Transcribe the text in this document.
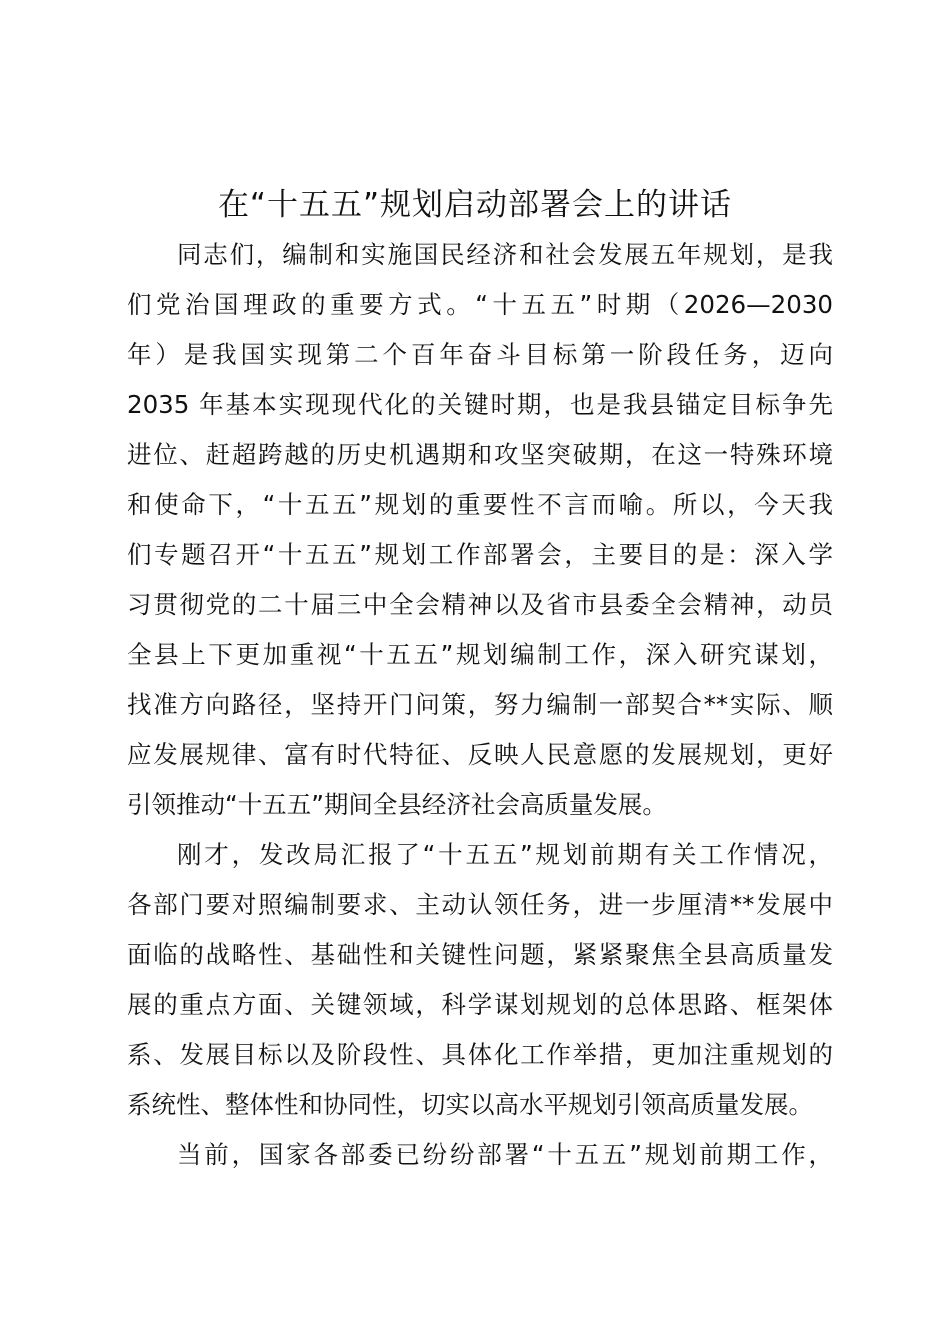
在“十五五”规划启动部署会上的讲话
同志们，编制和实施国民经济和社会发展五年规划，是我
们党治国理政的重要方式。“十五五”时期（2026—2030
年）是我国实现第二个百年奋斗目标第一阶段任务，迈向
2035 年基本实现现代化的关键时期，也是我县锚定目标争先
进位、赶超跨越的历史机遇期和攻坚突破期，在这一特殊环境
和使命下，“十五五”规划的重要性不言而喻。所以，今天我
们专题召开“十五五”规划工作部署会，主要目的是：深入学
习贯彻党的二十届三中全会精神以及省市县委全会精神，动员
全县上下更加重视“十五五”规划编制工作，深入研究谋划，
找准方向路径，坚持开门问策，努力编制一部契合**实际、顺
应发展规律、富有时代特征、反映人民意愿的发展规划，更好
引领推动“十五五”期间全县经济社会高质量发展。
刚才，发改局汇报了“十五五”规划前期有关工作情况，
各部门要对照编制要求、主动认领任务，进一步厘清**发展中
面临的战略性、基础性和关键性问题，紧紧聚焦全县高质量发
展的重点方面、关键领域，科学谋划规划的总体思路、框架体
系、发展目标以及阶段性、具体化工作举措，更加注重规划的
系统性、整体性和协同性，切实以高水平规划引领高质量发展。
当前，国家各部委已纷纷部署“十五五”规划前期工作，
